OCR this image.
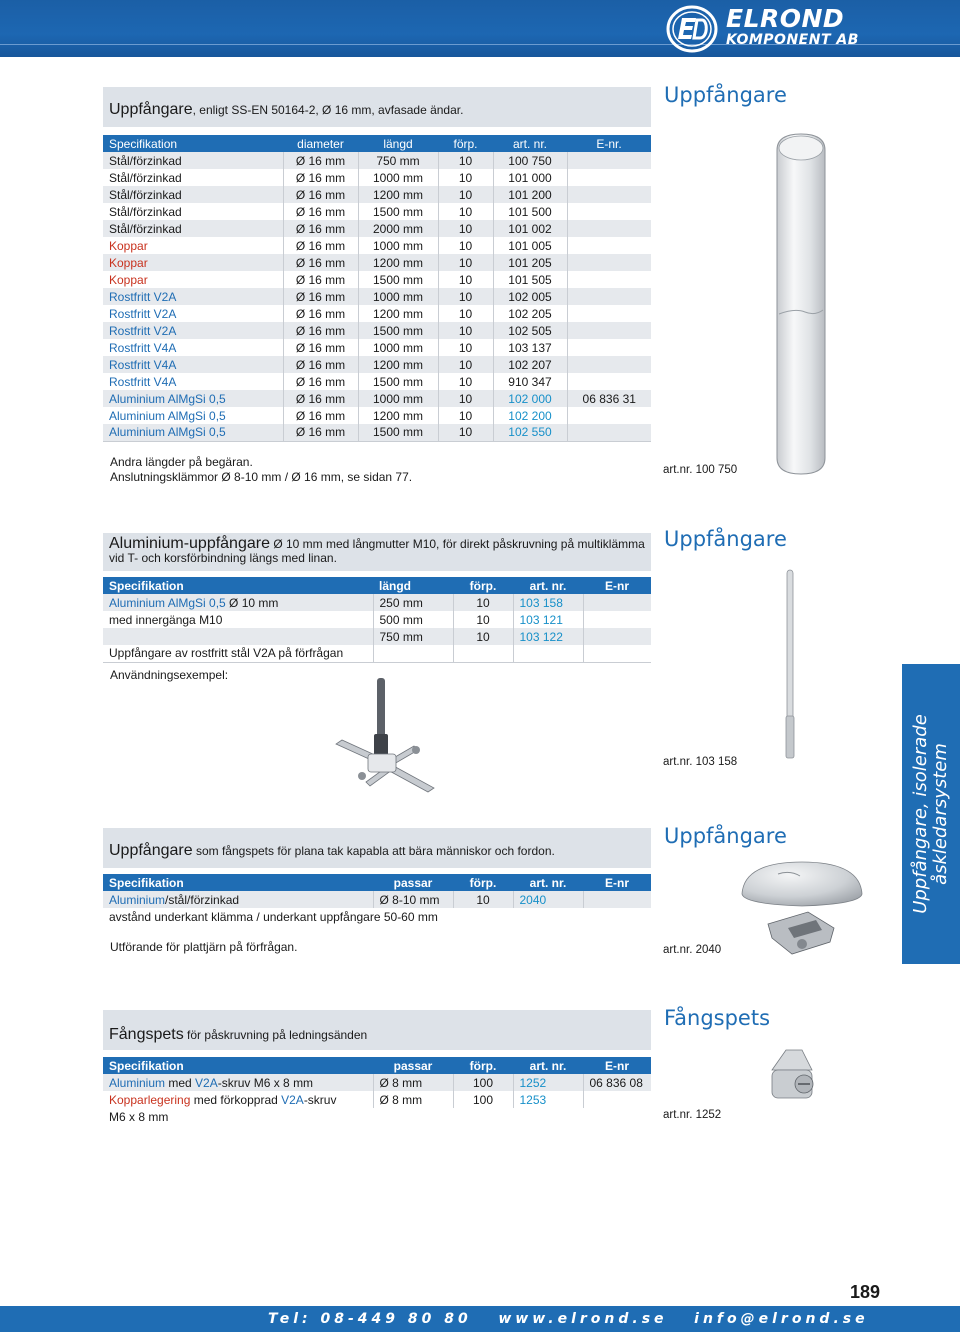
ELROND
KOMPONENT AB
Uppfångare, enligt SS-EN 50164-2, Ø 16 mm, avfasade ändar.
Uppfångare
Specifikation	diameter	längd	förp.	art. nr.	E-nr.
Stål/förzinkad	Ø 16 mm	750 mm	10	100 750	
Stål/förzinkad	Ø 16 mm	1000 mm	10	101 000	
Stål/förzinkad	Ø 16 mm	1200 mm	10	101 200	
Stål/förzinkad	Ø 16 mm	1500 mm	10	101 500	
Stål/förzinkad	Ø 16 mm	2000 mm	10	101 002	
Koppar	Ø 16 mm	1000 mm	10	101 005	
Koppar	Ø 16 mm	1200 mm	10	101 205	
Koppar	Ø 16 mm	1500 mm	10	101 505	
Rostfritt V2A	Ø 16 mm	1000 mm	10	102 005	
Rostfritt V2A	Ø 16 mm	1200 mm	10	102 205	
Rostfritt V2A	Ø 16 mm	1500 mm	10	102 505	
Rostfritt V4A	Ø 16 mm	1000 mm	10	103 137	
Rostfritt V4A	Ø 16 mm	1200 mm	10	102 207	
Rostfritt V4A	Ø 16 mm	1500 mm	10	910 347	
Aluminium AlMgSi 0,5	Ø 16 mm	1000 mm	10	102 000	06 836 31
Aluminium AlMgSi 0,5	Ø 16 mm	1200 mm	10	102 200	
Aluminium AlMgSi 0,5	Ø 16 mm	1500 mm	10	102 550	
Andra längder på begäran.
Anslutningsklämmor Ø 8-10 mm / Ø 16 mm, se sidan 77.	art.nr. 100 750
Aluminium-uppfångare Ø 10 mm med långmutter M10, för direkt påskruvning på multiklämma vid T- och korsförbindning längs med linan.
Uppfångare
Specifikation	längd	förp.	art. nr.	E-nr
Aluminium AlMgSi 0,5 Ø 10 mm	250 mm	10	103 158	
med innergänga M10	500 mm	10	103 121	
	750 mm	10	103 122	
Uppfångare av rostfritt stål V2A på förfrågan				
Användningsexempel:
art.nr. 103 158
Uppfångare som fångspets för plana tak kapabla att bära människor och fordon.
Uppfångare
Specifikation	passar	förp.	art. nr.	E-nr
Aluminium/stål/förzinkad	Ø 8-10 mm	10	2040	
avstånd underkant klämma / underkant uppfångare 50-60 mm				
Utförande för plattjärn på förfrågan.	art.nr. 2040
Fångspets för påskruvning på ledningsänden
Fångspets
Specifikation	passar	förp.	art. nr.	E-nr
Aluminium med V2A-skruv M6 x 8 mm	Ø 8 mm	100	1252	06 836 08
Kopparlegering med förkopprad V2A-skruv	Ø 8 mm	100	1253	
M6 x 8 mm					art.nr. 1252
Uppfångare, isolerade åskledarsystem
189
Tel: 08-449 80 80   www.elrond.se   info@elrond.se
